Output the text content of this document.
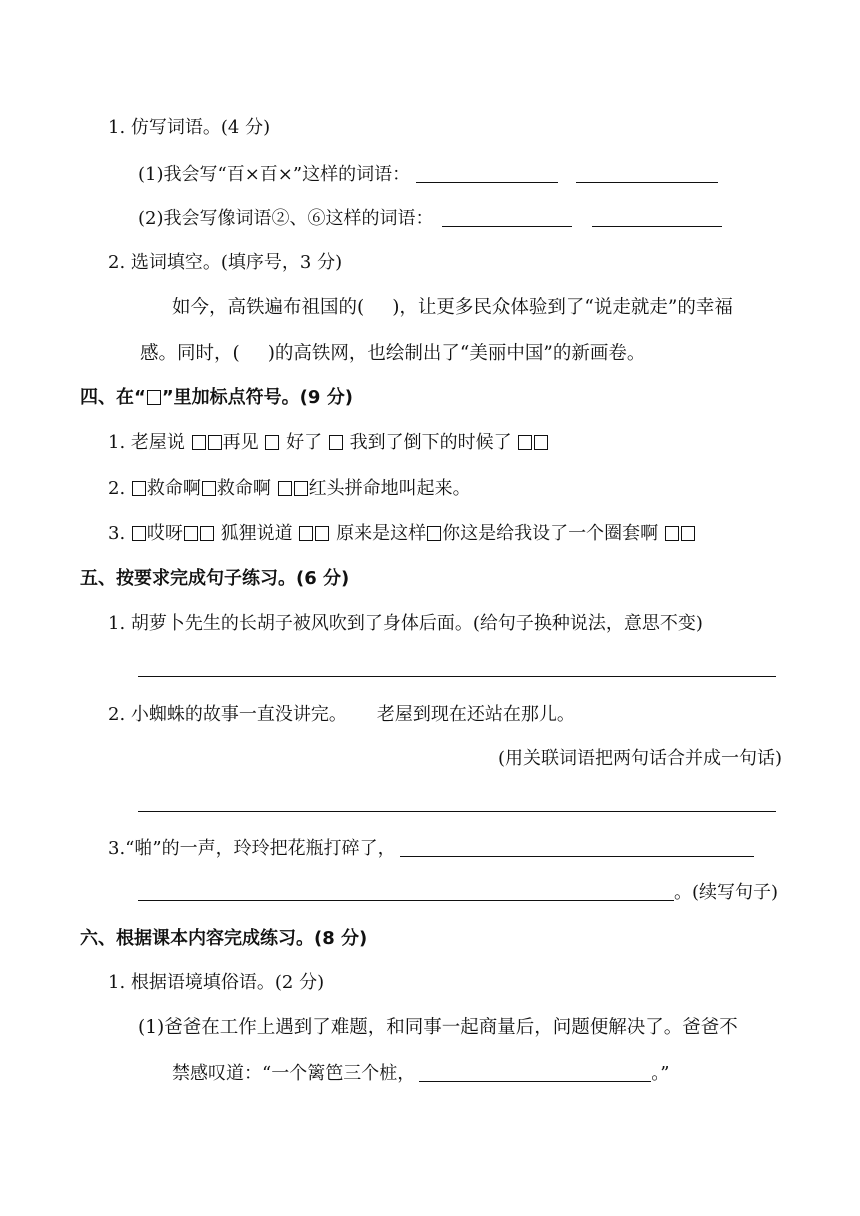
1. 仿写词语。(4 分)
(1)我会写“百×百×”这样的词语：
(2)我会写像词语②、⑥这样的词语：
2. 选词填空。(填序号，3 分)
如今，高铁遍布祖国的( )，让更多民众体验到了“说走就走”的幸福
感。同时，( )的高铁网，也绘制出了“美丽中国”的新画卷。
四、在“ ”里加标点符号。(9 分)
1. 老屋说 再见 好了 我到了倒下的时候了
2. 救命啊 救命啊 红头拼命地叫起来。
3. 哎呀 狐狸说道 原来是这样 你这是给我设了一个圈套啊
五、按要求完成句子练习。(6 分)
1. 胡萝卜先生的长胡子被风吹到了身体后面。(给句子换种说法，意思不变)
2. 小蜘蛛的故事一直没讲完。 老屋到现在还站在那儿。
(用关联词语把两句话合并成一句话)
3.“啪”的一声，玲玲把花瓶打碎了，
。(续写句子)
六、根据课本内容完成练习。(8 分)
1. 根据语境填俗语。(2 分)
(1)爸爸在工作上遇到了难题，和同事一起商量后，问题便解决了。爸爸不
禁感叹道：“一个篱笆三个桩，	。”
